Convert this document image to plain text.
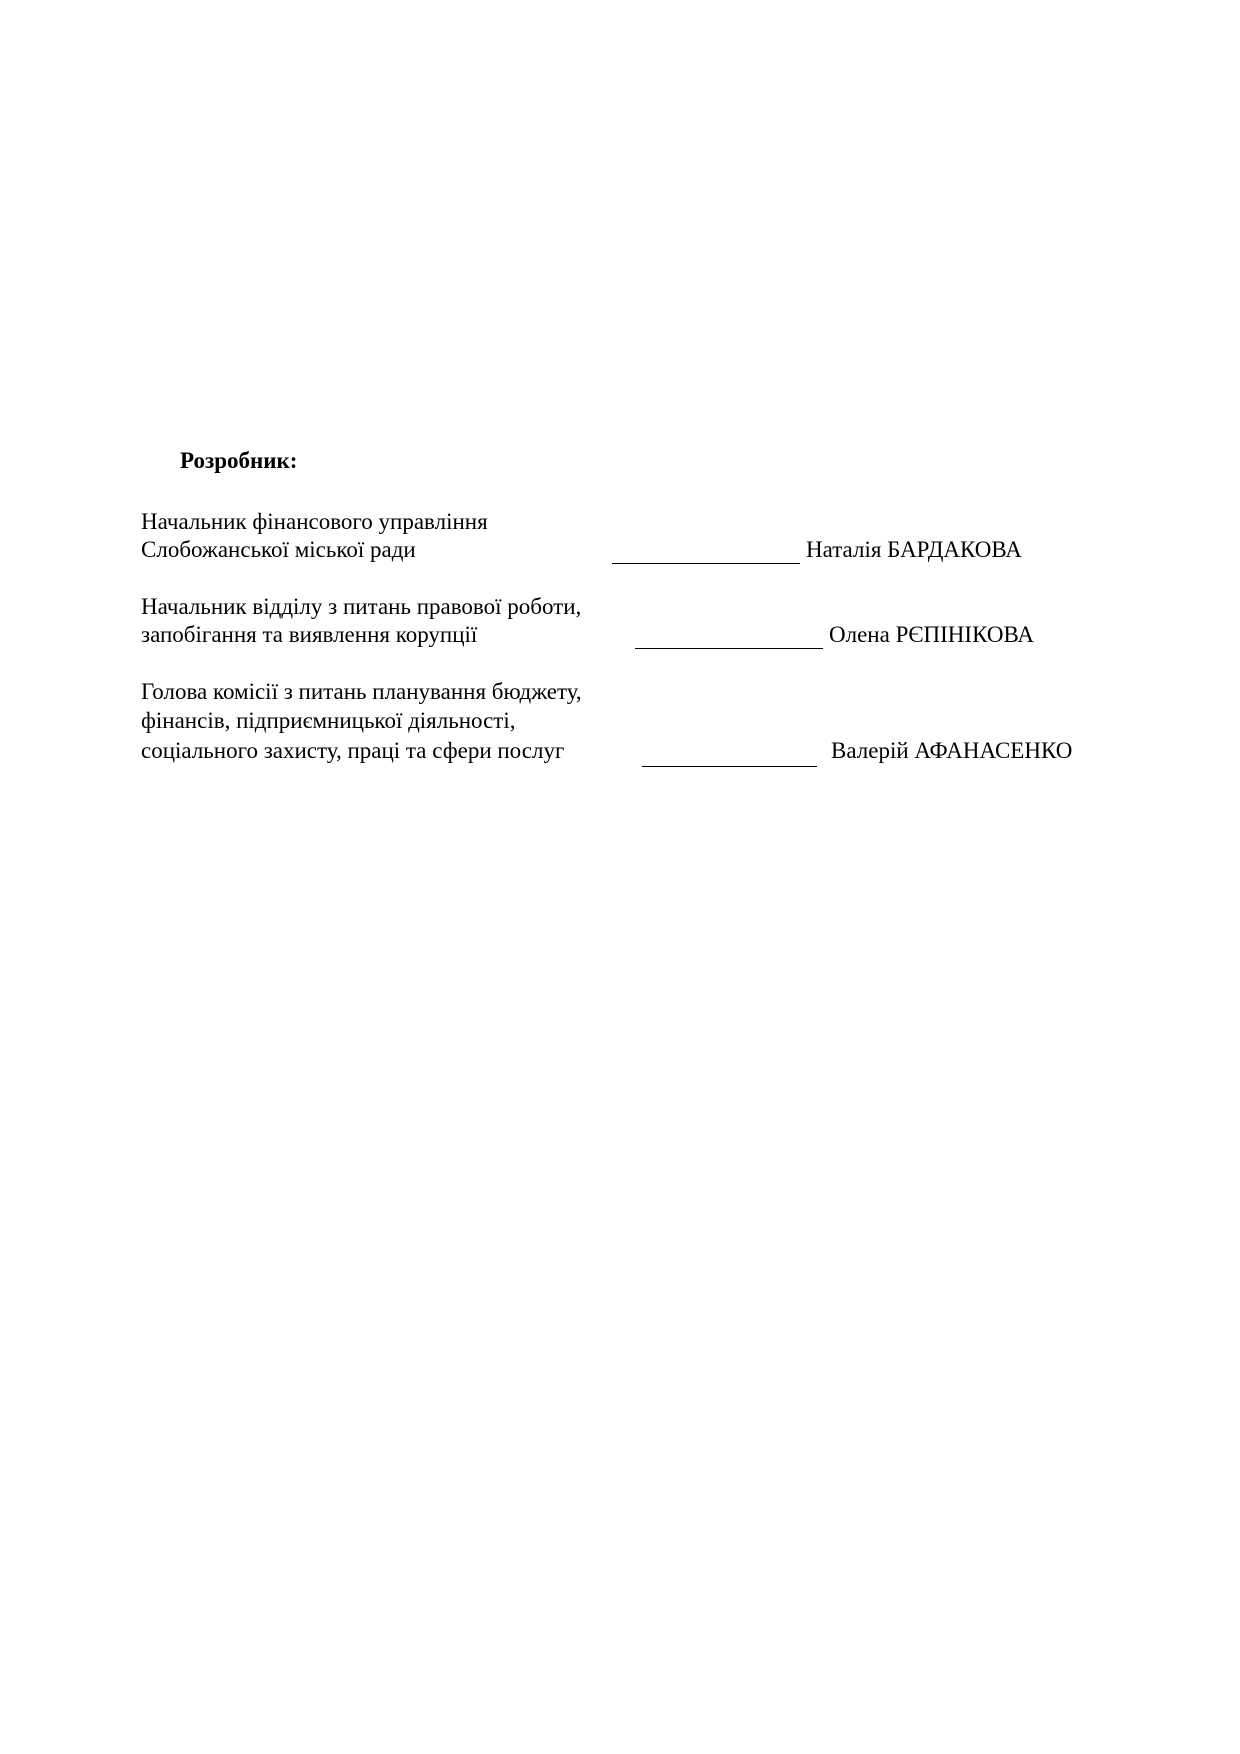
Розробник:
Начальник фінансового управління
Слобожанської міської ради	Наталія БАРДАКОВА
Начальник відділу з питань правової роботи,
запобігання та виявлення корупції	Олена РЄПІНІКОВА
Голова комісії з питань планування бюджету,
фінансів, підприємницької діяльності,
соціального захисту, праці та сфери послуг	Валерій АФАНАСЕНКО
